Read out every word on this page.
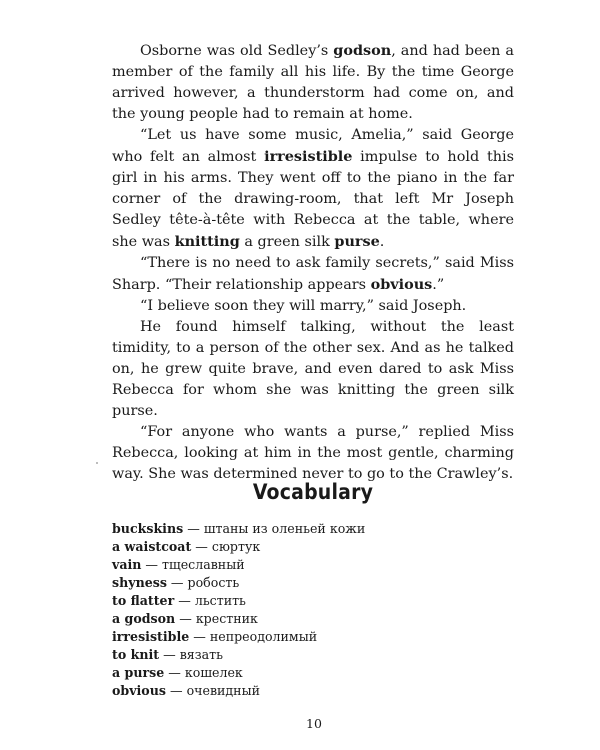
Osborne was old Sedley’s godson, and had been a member of the family all his life. By the time George arrived however, a thunderstorm had come on, and the young people had to remain at home.

“Let us have some music, Amelia,” said George who felt an almost irresistible impulse to hold this girl in his arms. They went off to the piano in the far corner of the drawing-room, that left Mr Joseph Sedley tête-à-tête with Rebecca at the table, where she was knitting a green silk purse.

“There is no need to ask family secrets,” said Miss Sharp. “Their relationship appears obvious.”

“I believe soon they will marry,” said Joseph.

He found himself talking, without the least timidity, to a person of the other sex. And as he talked on, he grew quite brave, and even dared to ask Miss Rebecca for whom she was knitting the green silk purse.

“For anyone who wants a purse,” replied Miss Rebecca, looking at him in the most gentle, charming way. She was determined never to go to the Crawley’s.

Vocabulary
buckskins — штаны из оленьей кожи
a waistcoat — сюртук
vain — тщеславный
shyness — робость
to flatter — льстить
a godson — крестник
irresistible — непреодолимый
to knit — вязать
a purse — кошелек
obvious — очевидный
10
